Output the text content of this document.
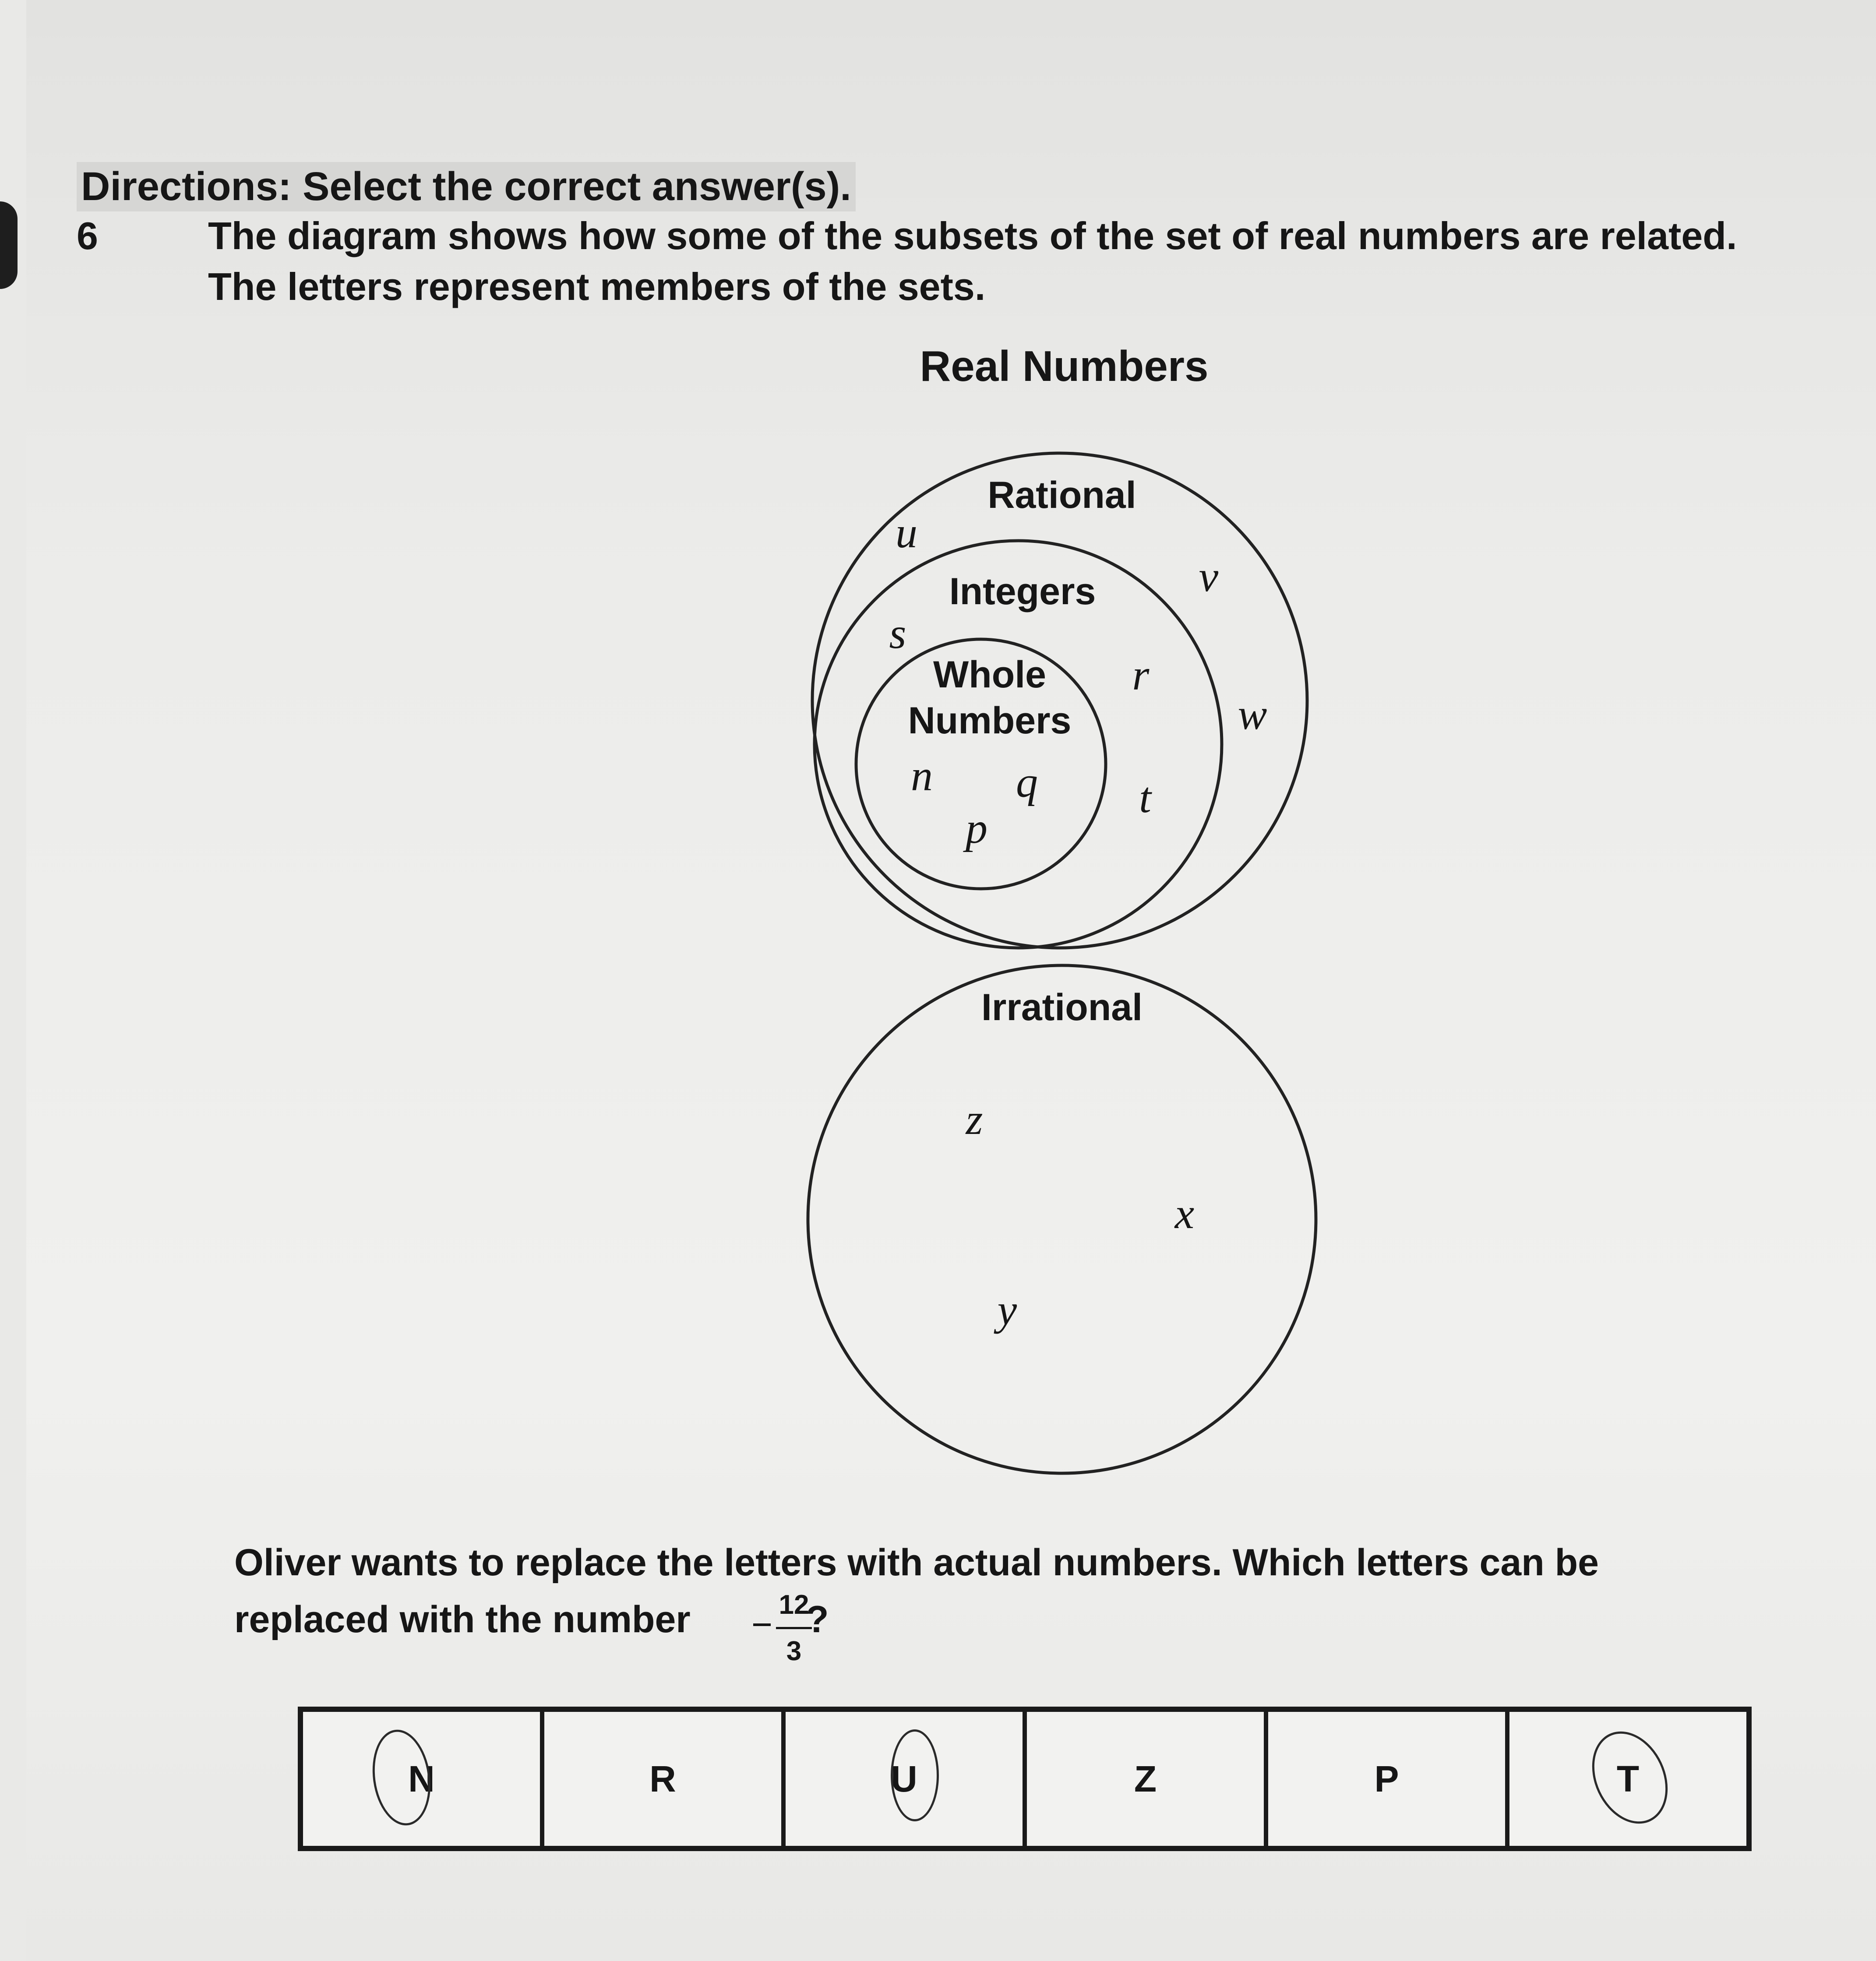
Directions: Select the correct answer(s).
6	The diagram shows how some of the subsets of the set of real numbers are related.
The letters represent members of the sets.
Real Numbers
Rational
Integers
Whole
Numbers
Irrational
u
v
w
s
r
t
n q
p
z
x
y
Oliver wants to replace the letters with actual numbers. Which letters can be
replaced with the number	12
3
?
N	R	U	Z	P	T
